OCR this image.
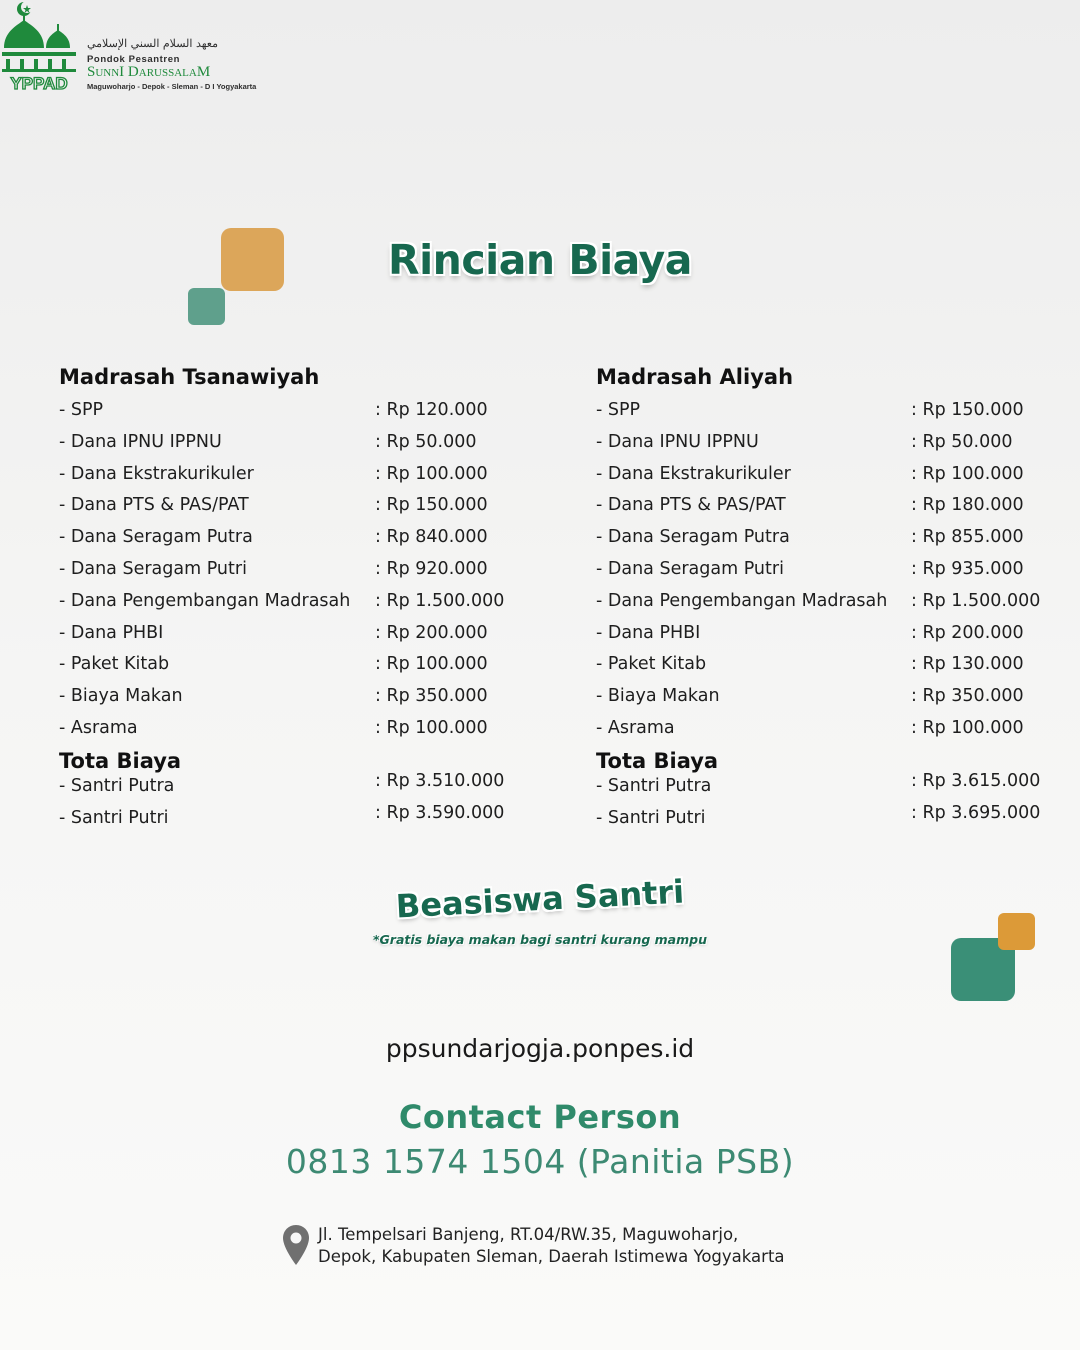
YPPAD
معهد السلام السني الإسلامي
Pondok Pesantren
SunnI DarussalaM
Maguwoharjo - Depok - Sleman - D I Yogyakarta
Rincian Biaya
Madrasah Tsanawiyah
- SPP	: Rp 120.000
- Dana IPNU IPPNU	: Rp 50.000
- Dana Ekstrakurikuler	: Rp 100.000
- Dana PTS & PAS/PAT	: Rp 150.000
- Dana Seragam Putra	: Rp 840.000
- Dana Seragam Putri	: Rp 920.000
- Dana Pengembangan Madrasah : Rp 1.500.000
- Dana PHBI	: Rp 200.000
- Paket Kitab	: Rp 100.000
- Biaya Makan	: Rp 350.000
- Asrama	: Rp 100.000
Tota Biaya
- Santri Putra	: Rp 3.510.000
- Santri Putri	: Rp 3.590.000
Madrasah Aliyah
- SPP	: Rp 150.000
- Dana IPNU IPPNU	: Rp 50.000
- Dana Ekstrakurikuler	: Rp 100.000
- Dana PTS & PAS/PAT	: Rp 180.000
- Dana Seragam Putra	: Rp 855.000
- Dana Seragam Putri	: Rp 935.000
- Dana Pengembangan Madrasah : Rp 1.500.000
- Dana PHBI	: Rp 200.000
- Paket Kitab	: Rp 130.000
- Biaya Makan	: Rp 350.000
- Asrama	: Rp 100.000
Tota Biaya
- Santri Putra	: Rp 3.615.000
- Santri Putri	: Rp 3.695.000
Beasiswa Santri
*Gratis biaya makan bagi santri kurang mampu
ppsundarjogja.ponpes.id
Contact Person
0813 1574 1504 (Panitia PSB)
Jl. Tempelsari Banjeng, RT.04/RW.35, Maguwoharjo,
Depok, Kabupaten Sleman, Daerah Istimewa Yogyakarta
